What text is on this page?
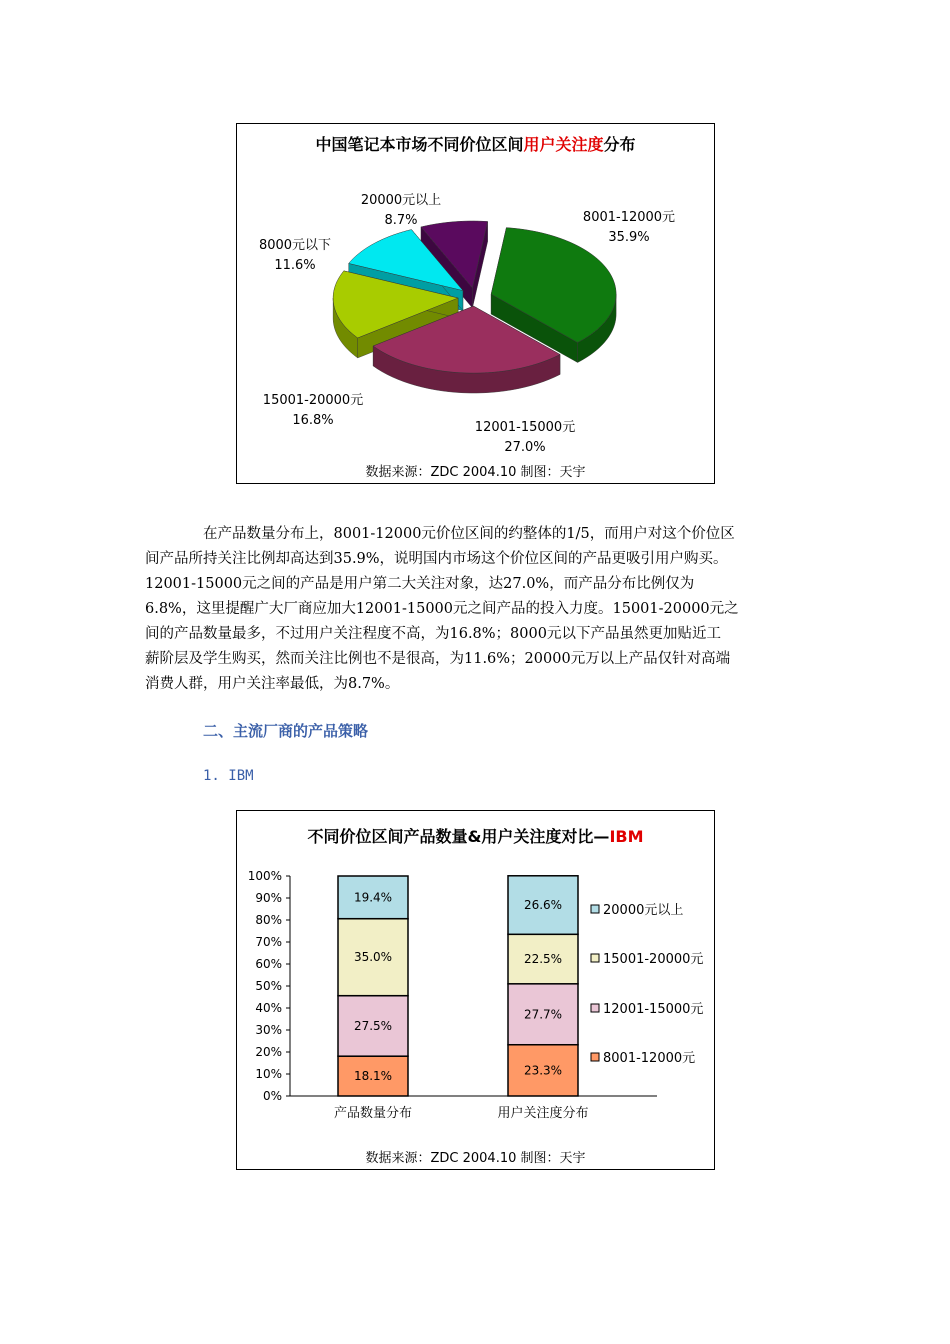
中国笔记本市场不同价位区间用户关注度分布
8001-12000元
35.9%
12001-15000元
27.0%
15001-20000元
16.8%
8000元以下
11.6%
20000元以上
8.7%
数据来源：ZDC 2004.10 制图：天宇
在产品数量分布上，8001-12000元价位区间的约整体的1/5，而用户对这个价位区
间产品所持关注比例却高达到35.9%，说明国内市场这个价位区间的产品更吸引用户购买。
12001-15000元之间的产品是用户第二大关注对象，达27.0%，而产品分布比例仅为
6.8%，这里提醒广大厂商应加大12001-15000元之间产品的投入力度。15001-20000元之
间的产品数量最多，不过用户关注程度不高，为16.8%；8000元以下产品虽然更加贴近工
薪阶层及学生购买，然而关注比例也不是很高，为11.6%；20000元万以上产品仅针对高端
消费人群，用户关注率最低，为8.7%。
二、主流厂商的产品策略
1. IBM
不同价位区间产品数量&用户关注度对比—IBM
0%
10%
20%
30%
40%
50%
60%
70%
80%
90%
100%
18.1%
27.5%
35.0%
19.4%
产品数量分布
23.3%
27.7%
22.5%
26.6%
用户关注度分布
20000元以上
15001-20000元
12001-15000元
8001-12000元
数据来源：ZDC 2004.10 制图：天宇
